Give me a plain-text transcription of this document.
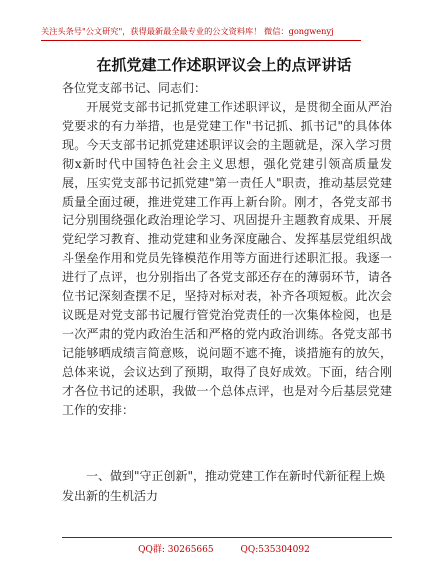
关注头条号"公文研究"，获得最新最全最专业的公文资料库！ 微信：gongwenyj
在抓党建工作述职评议会上的点评讲话
各位党支部书记、同志们：

开展党支部书记抓党建工作述职评议，是贯彻全面从严治党要求的有力举措，也是党建工作"书记抓、抓书记"的具体体现。今天支部书记抓党建述职评议会的主题就是，深入学习贯彻x新时代中国特色社会主义思想，强化党建引领高质量发展，压实党支部书记抓党建"第一责任人"职责，推动基层党建质量全面过硬，推进党建工作再上新台阶。刚才，各党支部书记分别围绕强化政治理论学习、巩固提升主题教育成果、开展党纪学习教育、推动党建和业务深度融合、发挥基层党组织战斗堡垒作用和党员先锋模范作用等方面进行述职汇报。我逐一进行了点评，也分别指出了各党支部还存在的薄弱环节，请各位书记深刻查摆不足，坚持对标对表，补齐各项短板。此次会议既是对党支部书记履行管党治党责任的一次集体检阅，也是一次严肃的党内政治生活和严格的党内政治训练。各党支部书记能够晒成绩言简意赅，说问题不遮不掩，谈措施有的放矢，总体来说，会议达到了预期，取得了良好成效。下面，结合刚才各位书记的述职，我做一个总体点评，也是对今后基层党建工作的安排：

一、做到"守正创新"，推动党建工作在新时代新征程上焕发出新的生机活力

QQ群: 30265665	QQ:535304092
